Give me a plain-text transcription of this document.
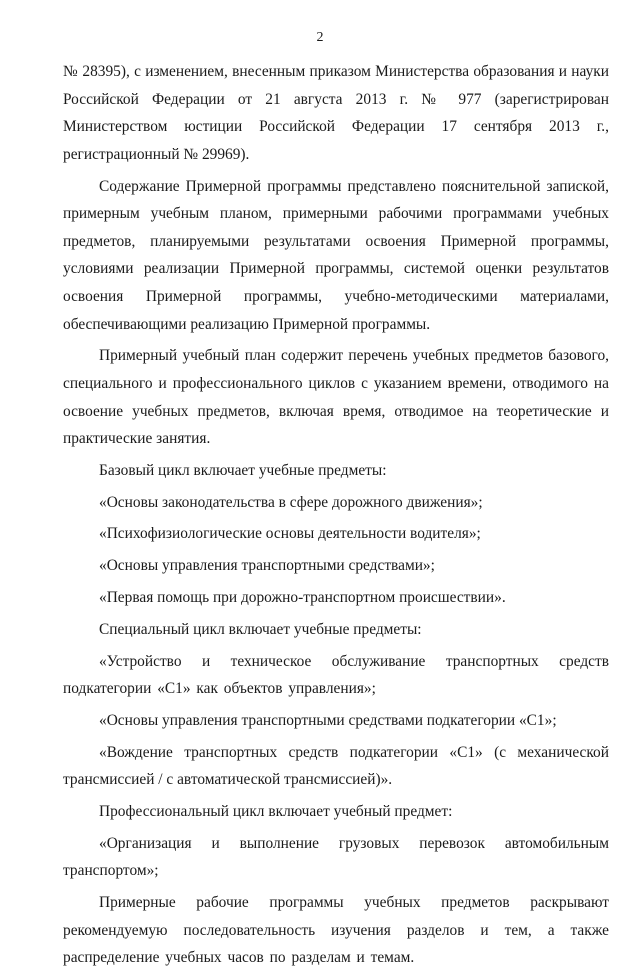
2

№ 28395), с изменением, внесенным приказом Министерства образования и науки Российской Федерации от 21 августа 2013 г. № 977 (зарегистрирован Министерством юстиции Российской Федерации 17 сентября 2013 г., регистрационный № 29969).

Содержание Примерной программы представлено пояснительной запиской, примерным учебным планом, примерными рабочими программами учебных предметов, планируемыми результатами освоения Примерной программы, условиями реализации Примерной программы, системой оценки результатов освоения Примерной программы, учебно-методическими материалами, обеспечивающими реализацию Примерной программы.

Примерный учебный план содержит перечень учебных предметов базового, специального и профессионального циклов с указанием времени, отводимого на освоение учебных предметов, включая время, отводимое на теоретические и практические занятия.

Базовый цикл включает учебные предметы:

«Основы законодательства в сфере дорожного движения»;

«Психофизиологические основы деятельности водителя»;

«Основы управления транспортными средствами»;

«Первая помощь при дорожно-транспортном происшествии».

Специальный цикл включает учебные предметы:

«Устройство и техническое обслуживание транспортных средств подкатегории «C1» как объектов управления»;

«Основы управления транспортными средствами подкатегории «C1»;

«Вождение транспортных средств подкатегории «C1» (с механической трансмиссией / с автоматической трансмиссией)».

Профессиональный цикл включает учебный предмет:

«Организация и выполнение грузовых перевозок автомобильным транспортом»;

Примерные рабочие программы учебных предметов раскрывают рекомендуемую последовательность изучения разделов и тем, а также распределение учебных часов по разделам и темам.
